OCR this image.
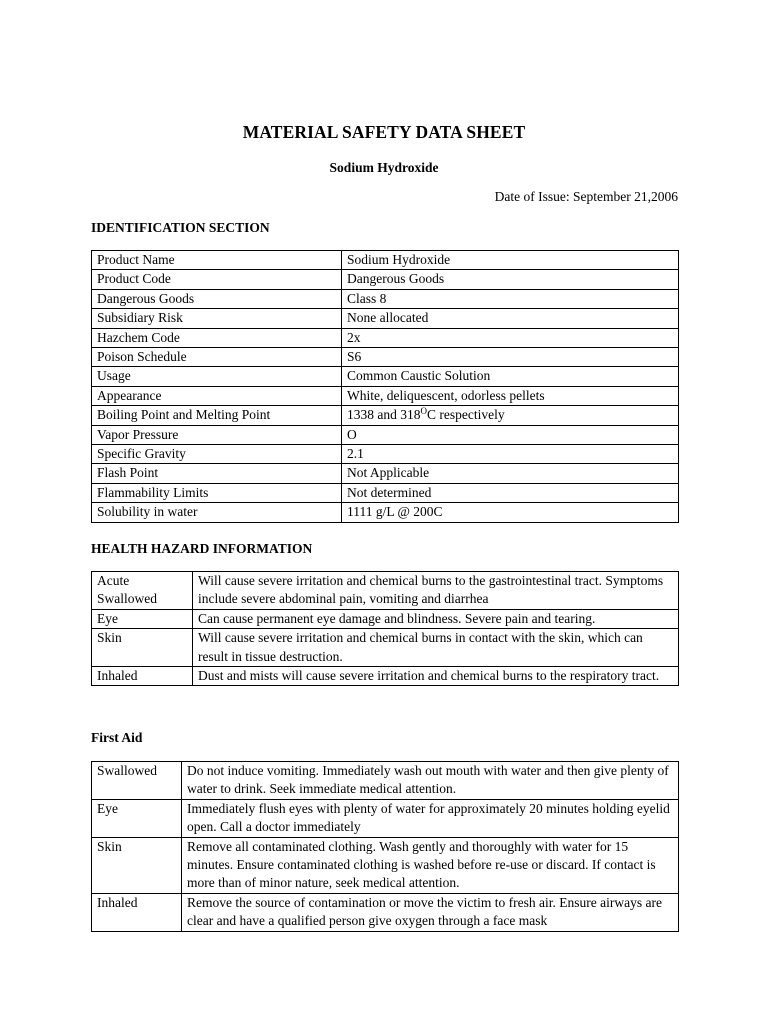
MATERIAL SAFETY DATA SHEET
Sodium Hydroxide
Date of Issue: September 21,2006
IDENTIFICATION SECTION
Product Name	Sodium Hydroxide
Product Code	Dangerous Goods
Dangerous Goods	Class 8
Subsidiary Risk	None allocated
Hazchem Code	2x
Poison Schedule	S6
Usage	Common Caustic Solution
Appearance	White, deliquescent, odorless pellets
Boiling Point and Melting Point	1338 and $318^OC$ respectively
Vapor Pressure	O
Specific Gravity	2.1
Flash Point	Not Applicable
Flammability Limits	Not determined
Solubility in water	1111 g/L @ 200C
HEALTH HAZARD INFORMATION
Acute
Swallowed	Will cause severe irritation and chemical burns to the gastrointestinal tract. Symptoms include severe abdominal pain, vomiting and diarrhea
Eye	Can cause permanent eye damage and blindness. Severe pain and tearing.
Skin	Will cause severe irritation and chemical burns in contact with the skin, which can result in tissue destruction.
Inhaled	Dust and mists will cause severe irritation and chemical burns to the respiratory tract.
First Aid
Swallowed	Do not induce vomiting. Immediately wash out mouth with water and then give plenty of water to drink. Seek immediate medical attention.
Eye	Immediately flush eyes with plenty of water for approximately 20 minutes holding eyelid open. Call a doctor immediately
Skin	Remove all contaminated clothing. Wash gently and thoroughly with water for 15 minutes. Ensure contaminated clothing is washed before re-use or discard. If contact is more than of minor nature, seek medical attention.
Inhaled	Remove the source of contamination or move the victim to fresh air. Ensure airways are clear and have a qualified person give oxygen through a face mask
